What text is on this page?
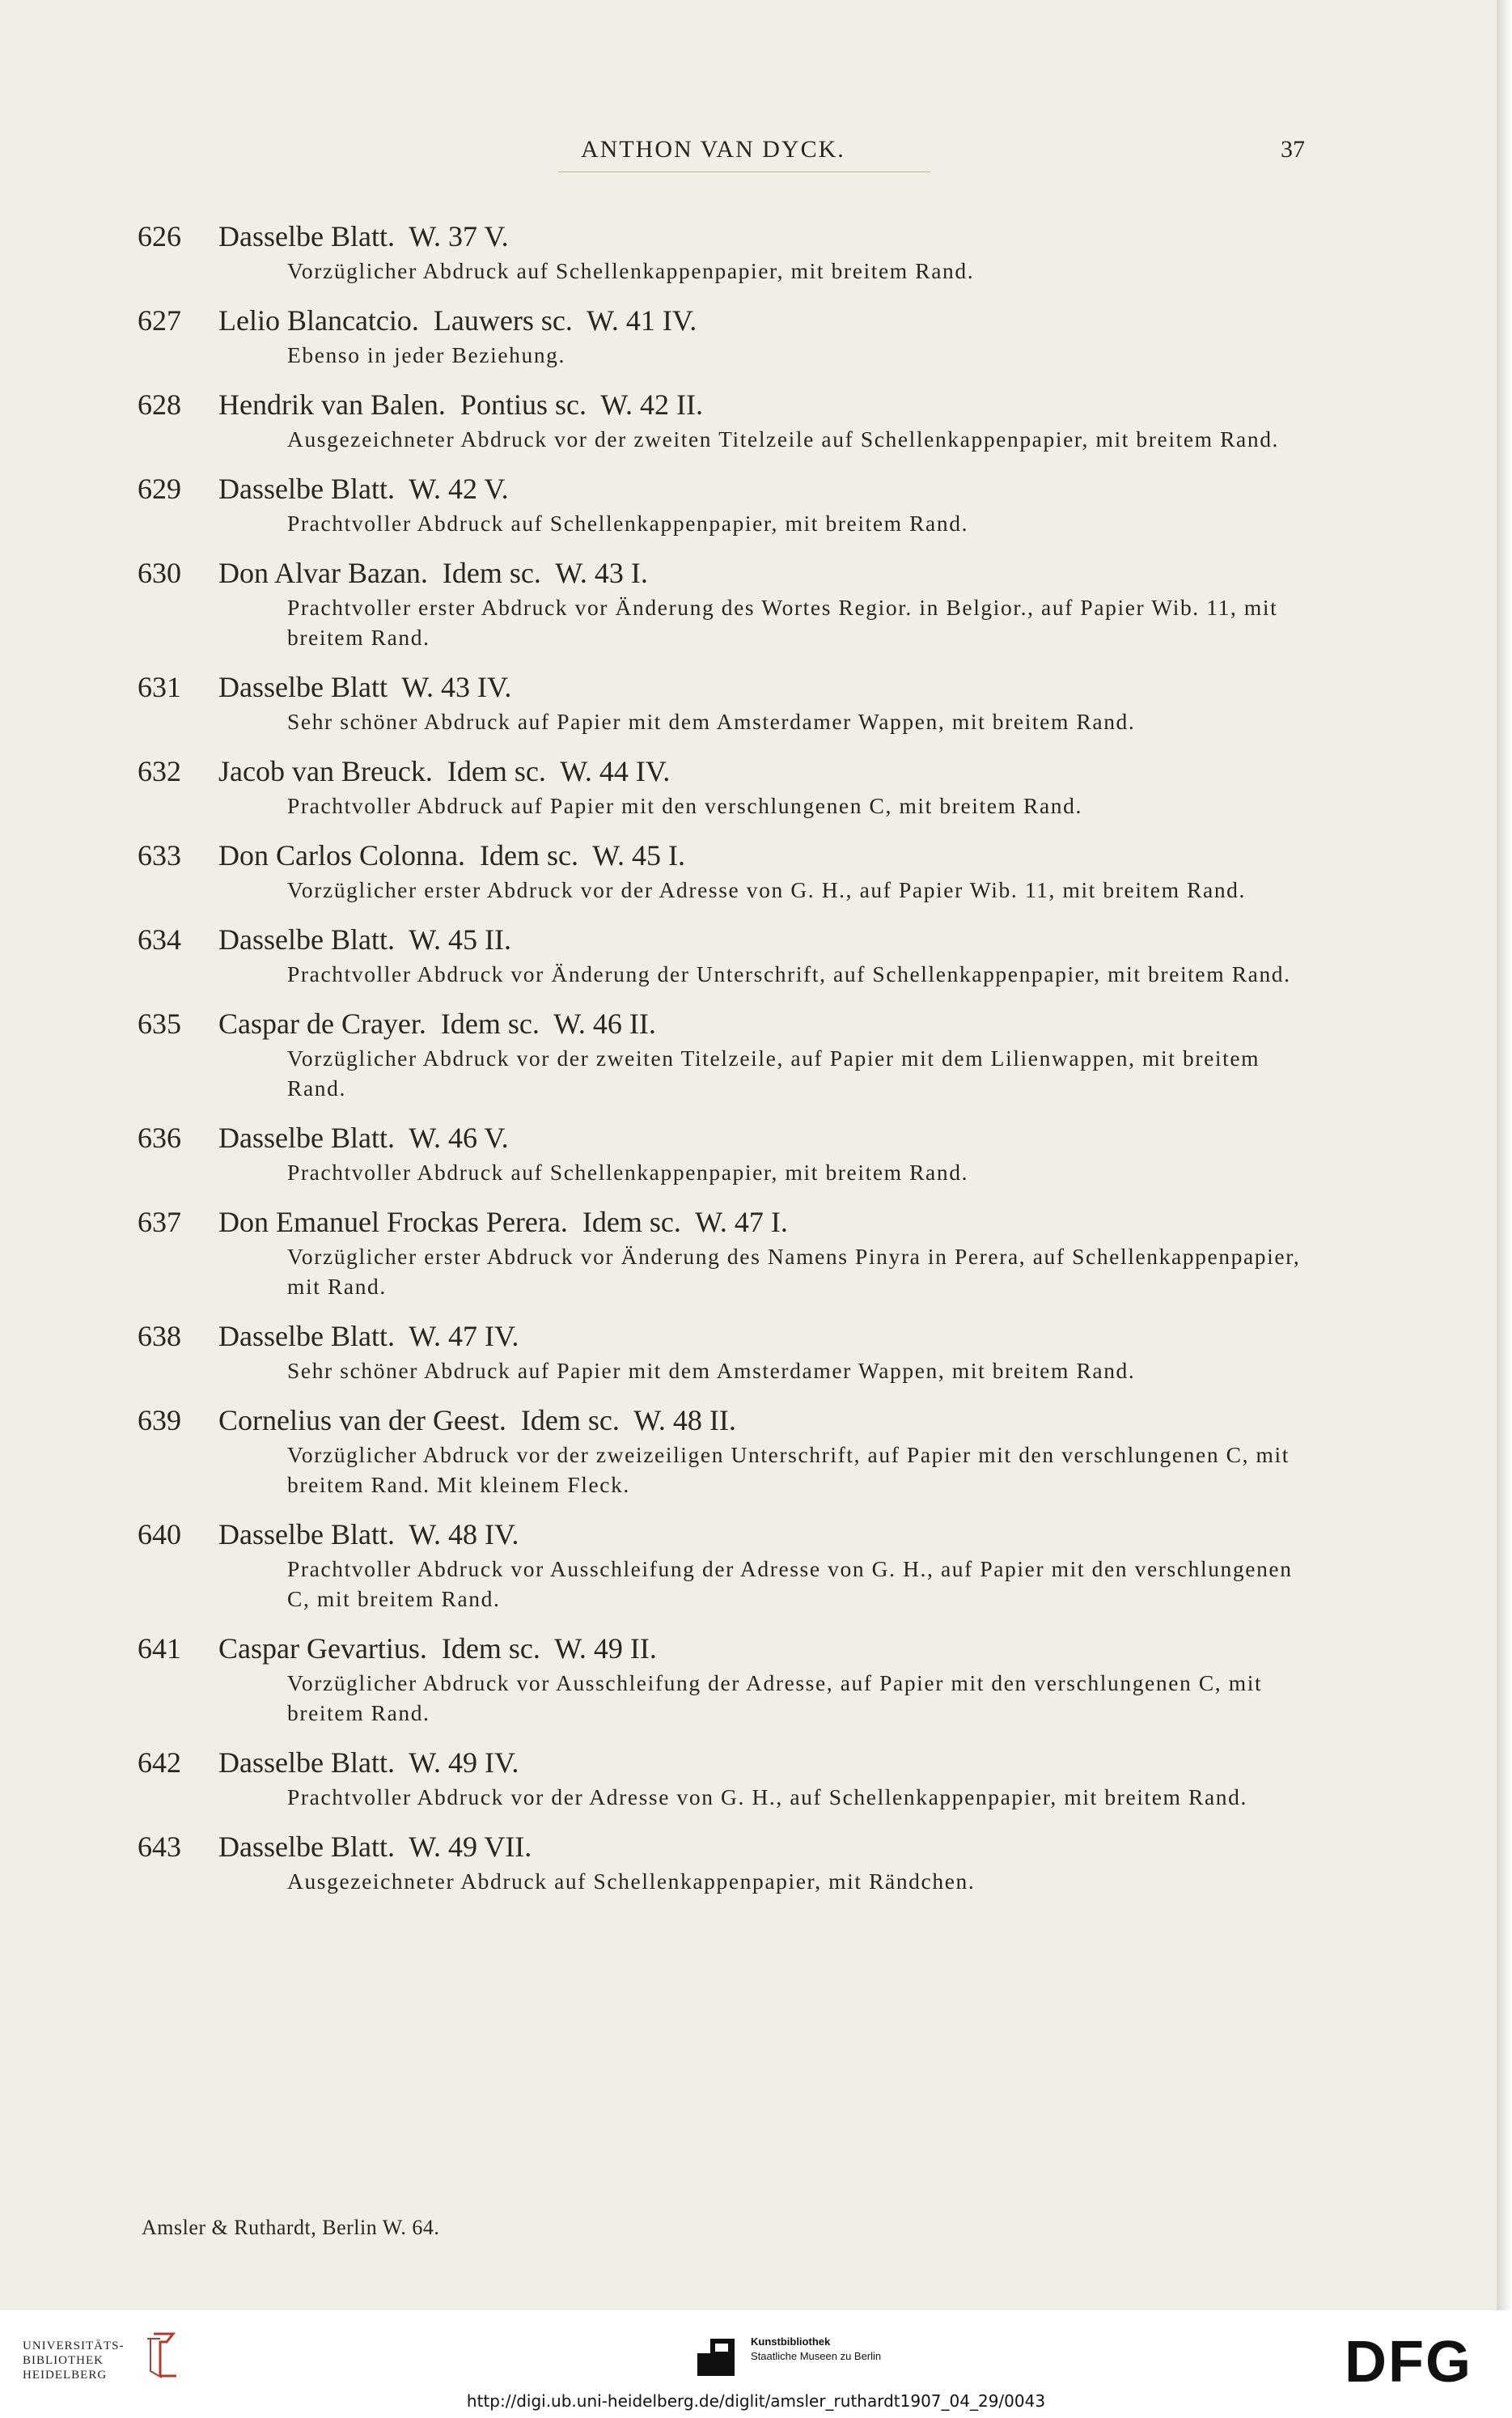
ANTHON VAN DYCK.	37
626 Dasselbe Blatt.  W. 37 V.
Vorzüglicher Abdruck auf Schellenkappenpapier, mit breitem Rand.
627 Lelio Blancatcio.  Lauwers sc.  W. 41 IV.
Ebenso in jeder Beziehung.
628 Hendrik van Balen.  Pontius sc.  W. 42 II.
Ausgezeichneter Abdruck vor der zweiten Titelzeile auf Schellenkappenpapier, mit breitem Rand.
629 Dasselbe Blatt.  W. 42 V.
Prachtvoller Abdruck auf Schellenkappenpapier, mit breitem Rand.
630 Don Alvar Bazan.  Idem sc.  W. 43 I.
Prachtvoller erster Abdruck vor Änderung des Wortes Regior. in Belgior., auf Papier Wib. 11, mit breitem Rand.
631 Dasselbe Blatt  W. 43 IV.
Sehr schöner Abdruck auf Papier mit dem Amsterdamer Wappen, mit breitem Rand.
632 Jacob van Breuck.  Idem sc.  W. 44 IV.
Prachtvoller Abdruck auf Papier mit den verschlungenen C, mit breitem Rand.
633 Don Carlos Colonna.  Idem sc.  W. 45 I.
Vorzüglicher erster Abdruck vor der Adresse von G. H., auf Papier Wib. 11, mit breitem Rand.
634 Dasselbe Blatt.  W. 45 II.
Prachtvoller Abdruck vor Änderung der Unterschrift, auf Schellenkappenpapier, mit breitem Rand.
635 Caspar de Crayer.  Idem sc.  W. 46 II.
Vorzüglicher Abdruck vor der zweiten Titelzeile, auf Papier mit dem Lilienwappen, mit breitem Rand.
636 Dasselbe Blatt.  W. 46 V.
Prachtvoller Abdruck auf Schellenkappenpapier, mit breitem Rand.
637 Don Emanuel Frockas Perera.  Idem sc.  W. 47 I.
Vorzüglicher erster Abdruck vor Änderung des Namens Pinyra in Perera, auf Schellenkappenpapier, mit Rand.
638 Dasselbe Blatt.  W. 47 IV.
Sehr schöner Abdruck auf Papier mit dem Amsterdamer Wappen, mit breitem Rand.
639 Cornelius van der Geest.  Idem sc.  W. 48 II.
Vorzüglicher Abdruck vor der zweizeiligen Unterschrift, auf Papier mit den verschlungenen C, mit breitem Rand. Mit kleinem Fleck.
640 Dasselbe Blatt.  W. 48 IV.
Prachtvoller Abdruck vor Ausschleifung der Adresse von G. H., auf Papier mit den verschlungenen C, mit breitem Rand.
641 Caspar Gevartius.  Idem sc.  W. 49 II.
Vorzüglicher Abdruck vor Ausschleifung der Adresse, auf Papier mit den verschlungenen C, mit breitem Rand.
642 Dasselbe Blatt.  W. 49 IV.
Prachtvoller Abdruck vor der Adresse von G. H., auf Schellenkappenpapier, mit breitem Rand.
643 Dasselbe Blatt.  W. 49 VII.
Ausgezeichneter Abdruck auf Schellenkappenpapier, mit Rändchen.
Amsler & Ruthardt, Berlin W. 64.
UNIVERSITÄTS-
BIBLIOTHEK
HEIDELBERG
Kunstbibliothek
Staatliche Museen zu Berlin	DFG
http://digi.ub.uni-heidelberg.de/diglit/amsler_ruthardt1907_04_29/0043
